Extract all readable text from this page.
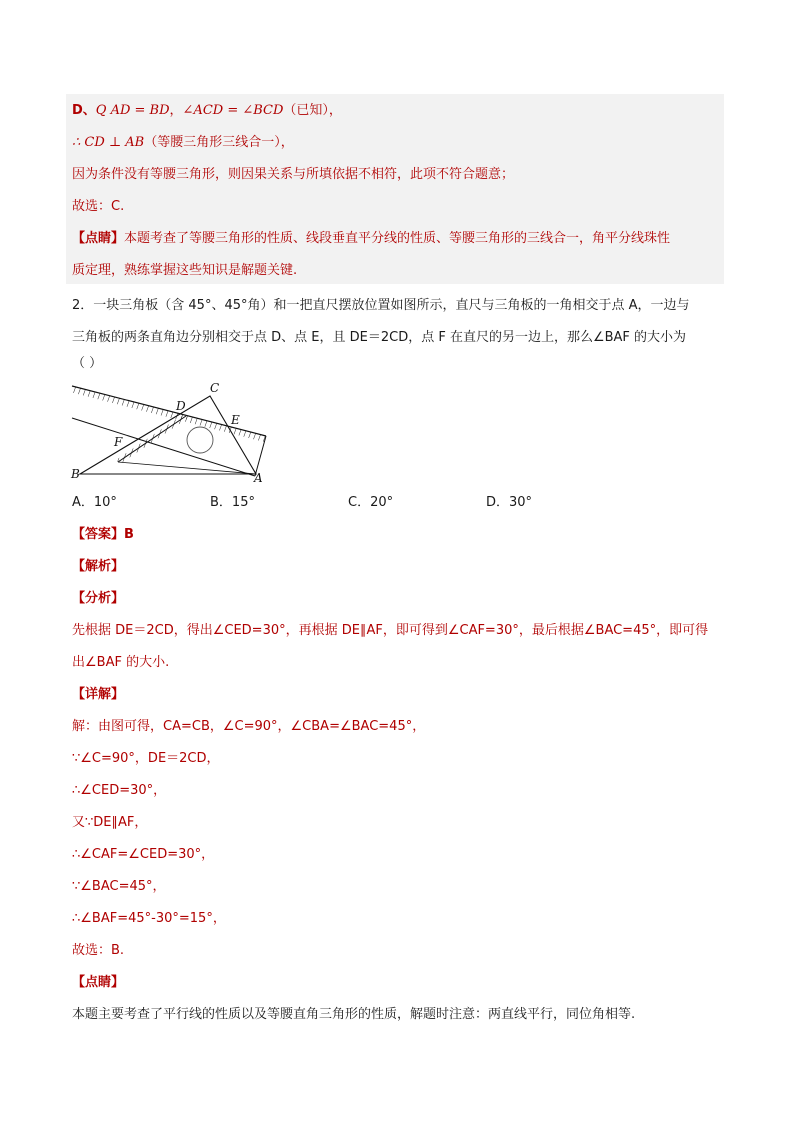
D、Q AD = BD，∠ACD = ∠BCD（已知），
∴ CD ⊥ AB（等腰三角形三线合一），
因为条件没有等腰三角形，则因果关系与所填依据不相符，此项不符合题意；
故选：C.
【点睛】本题考查了等腰三角形的性质、线段垂直平分线的性质、等腰三角形的三线合一，角平分线珠性
质定理，熟练掌握这些知识是解题关键.
2．一块三角板（含 45°、45°角）和一把直尺摆放位置如图所示，直尺与三角板的一角相交于点 A，一边与
三角板的两条直角边分别相交于点 D、点 E，且 DE＝2CD，点 F 在直尺的另一边上，那么∠BAF 的大小为
（ ）
C
D
E
F
B	A
A．10°	B．15°	C．20°	D．30°
【答案】B
【解析】
【分析】
先根据 DE＝2CD，得出∠CED=30°，再根据 DE∥AF，即可得到∠CAF=30°，最后根据∠BAC=45°，即可得
出∠BAF 的大小.
【详解】
解：由图可得，CA=CB，∠C=90°，∠CBA=∠BAC=45°，
∵∠C=90°，DE＝2CD，
∴∠CED=30°，
又∵DE∥AF，
∴∠CAF=∠CED=30°，
∵∠BAC=45°，
∴∠BAF=45°-30°=15°，
故选：B.
【点睛】
本题主要考查了平行线的性质以及等腰直角三角形的性质，解题时注意：两直线平行，同位角相等.
